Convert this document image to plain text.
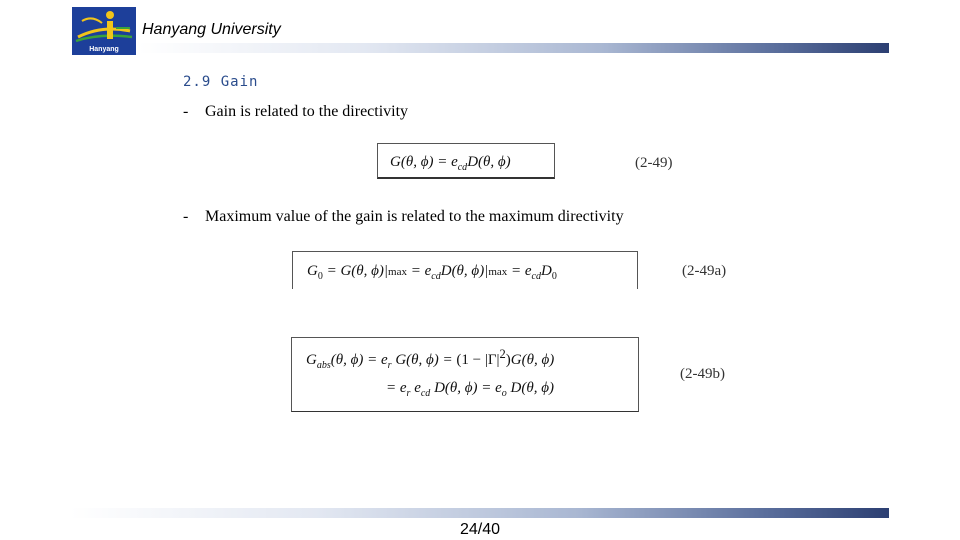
Hanyang
Hanyang University
2.9 Gain
- Gain is related to the directivity
G(θ, $\phi) = e_{cd}D(\theta$, ϕ)	(2-49)
- Maximum value of the gain is related to the maximum directivity
$G_0 = G(\theta$, $\phi)|\max = e_{cd}D(\theta$, $\phi)|\max = e_{cd}D_0$	(2-49a)
$G_{abs}(\theta$, $\phi) = e_r$ G(θ, $\phi) = (1 - |\Gamma|^2)G(\theta$, ϕ)
= $e_r$ $e_{cd}$ D(θ, $\phi) = e_o$ D(θ, ϕ)
(2-49b)
24/40
